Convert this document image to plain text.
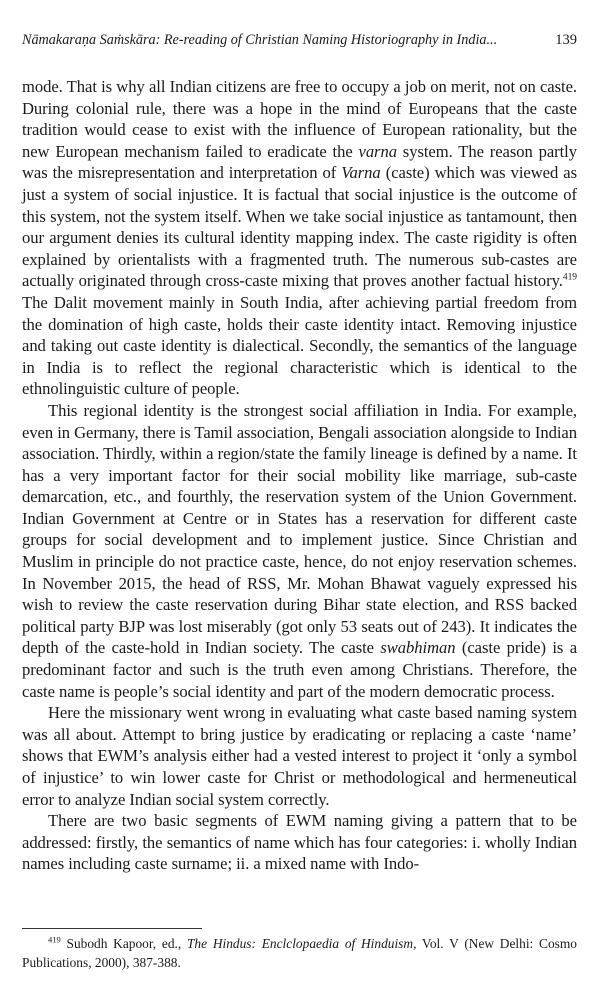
Nāmakaraṇa Saṁskāra: Re-reading of Christian Naming Historiography in India...	139

mode. That is why all Indian citizens are free to occupy a job on merit, not on caste. During colonial rule, there was a hope in the mind of Europeans that the caste tradition would cease to exist with the influence of European rationality, but the new European mechanism failed to eradicate the varna system. The reason partly was the misrepresentation and interpretation of Varna (caste) which was viewed as just a system of social injustice. It is factual that social injustice is the outcome of this system, not the system itself. When we take social injustice as tantamount, then our argument denies its cultural identity mapping index. The caste rigidity is often explained by orientalists with a fragmented truth. The numerous sub-castes are actually originated through cross-caste mixing that proves another factual history.$^{419}$ The Dalit movement mainly in South India, after achieving partial freedom from the domination of high caste, holds their caste identity intact. Removing injustice and taking out caste identity is dialectical. Secondly, the semantics of the language in India is to reflect the regional characteristic which is identical to the ethnolinguistic culture of people.

This regional identity is the strongest social affiliation in India. For example, even in Germany, there is Tamil association, Bengali association alongside to Indian association. Thirdly, within a region/state the family lineage is defined by a name. It has a very important factor for their social mobility like marriage, sub-caste demarcation, etc., and fourthly, the reservation system of the Union Government. Indian Government at Centre or in States has a reservation for different caste groups for social development and to implement justice. Since Christian and Muslim in principle do not practice caste, hence, do not enjoy reservation schemes. In November 2015, the head of RSS, Mr. Mohan Bhawat vaguely expressed his wish to review the caste reservation during Bihar state election, and RSS backed political party BJP was lost miserably (got only 53 seats out of 243). It indicates the depth of the caste-hold in Indian society. The caste swabhiman (caste pride) is a predominant factor and such is the truth even among Christians. Therefore, the caste name is people’s social identity and part of the modern democratic process.

Here the missionary went wrong in evaluating what caste based naming system was all about. Attempt to bring justice by eradicating or replacing a caste ‘name’ shows that EWM’s analysis either had a vested interest to project it ‘only a symbol of injustice’ to win lower caste for Christ or methodological and hermeneutical error to analyze Indian social system correctly.

There are two basic segments of EWM naming giving a pattern that to be addressed: firstly, the semantics of name which has four categories: i. wholly Indian names including caste surname; ii. a mixed name with Indo-

$^{419}$ Subodh Kapoor, ed., The Hindus: Enclclopaedia of Hinduism, Vol. V (New Delhi: Cosmo Publications, 2000), 387-388.
